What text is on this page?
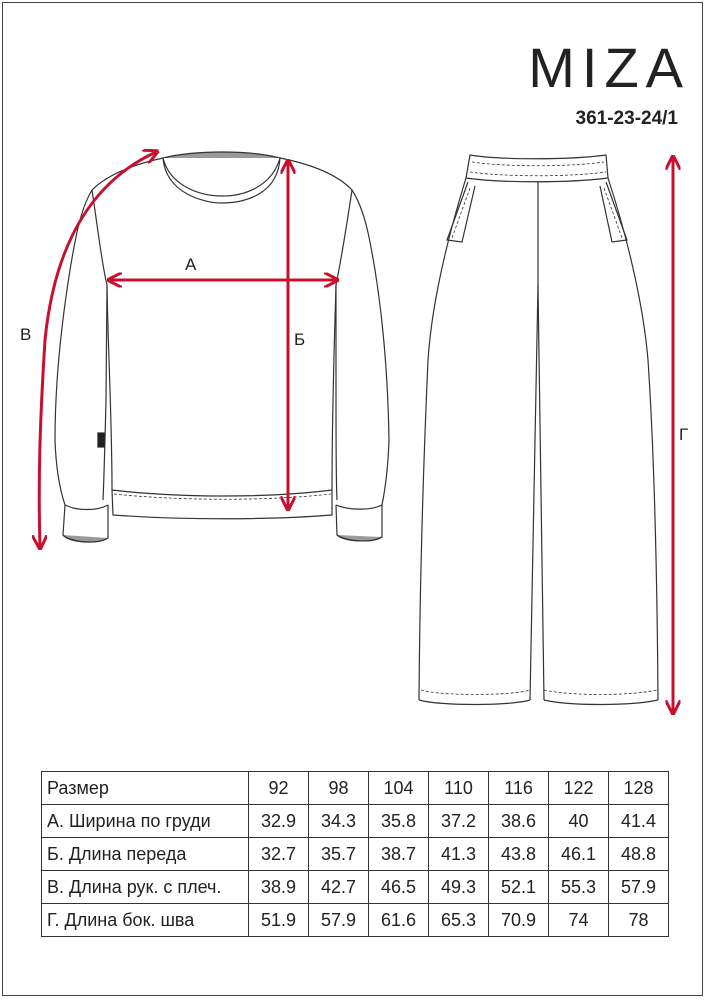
MIZA
361-23-24/1
А
Б
В
Г
Размер	92	98	104	110	116	122	128
А. Ширина по груди	32.9	34.3	35.8	37.2	38.6	40	41.4
Б. Длина переда	32.7	35.7	38.7	41.3	43.8	46.1	48.8
В. Длина рук. с плеч.	38.9	42.7	46.5	49.3	52.1	55.3	57.9
Г. Длина бок. шва	51.9	57.9	61.6	65.3	70.9	74	78
